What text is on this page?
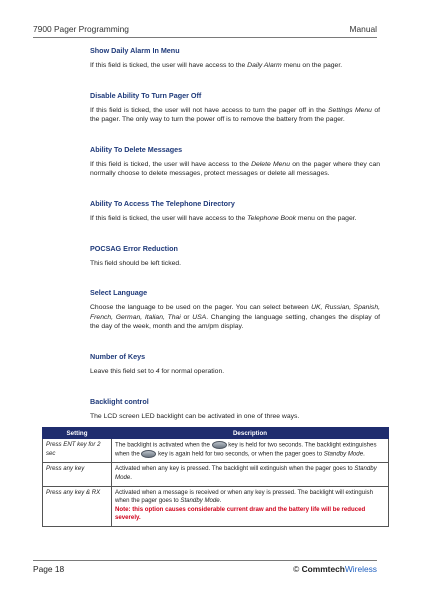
7900 Pager Programming	Manual
Show Daily Alarm In Menu

If this field is ticked, the user will have access to the Daily Alarm menu on the pager.

Disable Ability To Turn Pager Off

If this field is ticked, the user will not have access to turn the pager off in the Settings Menu of the pager. The only way to turn the power off is to remove the battery from the pager.

Ability To Delete Messages

If this field is ticked, the user will have access to the Delete Menu on the pager where they can normally choose to delete messages, protect messages or delete all messages.

Ability To Access The Telephone Directory

If this field is ticked, the user will have access to the Telephone Book menu on the pager.

POCSAG Error Reduction

This field should be left ticked.

Select Language

Choose the language to be used on the pager. You can select between UK, Russian, Spanish, French, German, Italian, Thai or USA. Changing the language setting, changes the display of the day of the week, month and the am/pm display.

Number of Keys

Leave this field set to 4 for normal operation.

Backlight control

The LCD screen LED backlight can be activated in one of three ways.

Setting	Description
Press ENT key for 2 sec	The backlight is activated when the  key is held for two seconds. The backlight extinguishes when the  key is again held for two seconds, or when the pager goes to Standby Mode.
Press any key	Activated when any key is pressed. The backlight will extinguish when the pager goes to Standby Mode.
Press any key & RX	Activated when a message is received or when any key is pressed. The backlight will extinguish when the pager goes to Standby Mode.
Note: this option causes considerable current draw and the battery life will be reduced severely.
Page 18	© CommtechWireless
